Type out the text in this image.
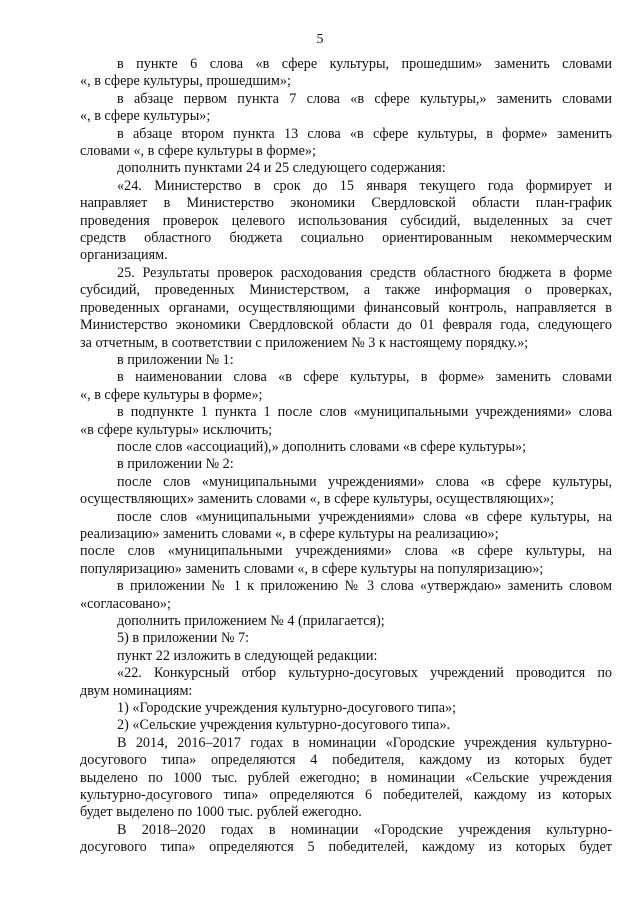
5

в пункте 6 слова «в сфере культуры, прошедшим» заменить словами

«, в сфере культуры, прошедшим»;

в абзаце первом пункта 7 слова «в сфере культуры,» заменить словами

«, в сфере культуры»;

в абзаце втором пункта 13 слова «в сфере культуры, в форме» заменить

словами «, в сфере культуры в форме»;

дополнить пунктами 24 и 25 следующего содержания:

«24. Министерство в срок до 15 января текущего года формирует и

направляет в Министерство экономики Свердловской области план-график

проведения проверок целевого использования субсидий, выделенных за счет

средств областного бюджета социально ориентированным некоммерческим

организациям.

25. Результаты проверок расходования средств областного бюджета в форме

субсидий, проведенных Министерством, а также информация о проверках,

проведенных органами, осуществляющими финансовый контроль, направляется в

Министерство экономики Свердловской области до 01 февраля года, следующего

за отчетным, в соответствии с приложением № 3 к настоящему порядку.»;

в приложении № 1:

в наименовании слова «в сфере культуры, в форме» заменить словами

«, в сфере культуры в форме»;

в подпункте 1 пункта 1 после слов «муниципальными учреждениями» слова

«в сфере культуры» исключить;

после слов «ассоциаций),» дополнить словами «в сфере культуры»;

в приложении № 2:

после слов «муниципальными учреждениями» слова «в сфере культуры,

осуществляющих» заменить словами «, в сфере культуры, осуществляющих»;

после слов «муниципальными учреждениями» слова «в сфере культуры, на

реализацию» заменить словами «, в сфере культуры на реализацию»;

после слов «муниципальными учреждениями» слова «в сфере культуры, на

популяризацию» заменить словами «, в сфере культуры на популяризацию»;

в приложении № 1 к приложению № 3 слова «утверждаю» заменить словом

«согласовано»;

дополнить приложением № 4 (прилагается);

5) в приложении № 7:

пункт 22 изложить в следующей редакции:

«22. Конкурсный отбор культурно-досуговых учреждений проводится по

двум номинациям:

1) «Городские учреждения культурно-досугового типа»;

2) «Сельские учреждения культурно-досугового типа».

В 2014, 2016–2017 годах в номинации «Городские учреждения культурно-

досугового типа» определяются 4 победителя, каждому из которых будет

выделено по 1000 тыс. рублей ежегодно; в номинации «Сельские учреждения

культурно-досугового типа» определяются 6 победителей, каждому из которых

будет выделено по 1000 тыс. рублей ежегодно.

В 2018–2020 годах в номинации «Городские учреждения культурно-

досугового типа» определяются 5 победителей, каждому из которых будет
